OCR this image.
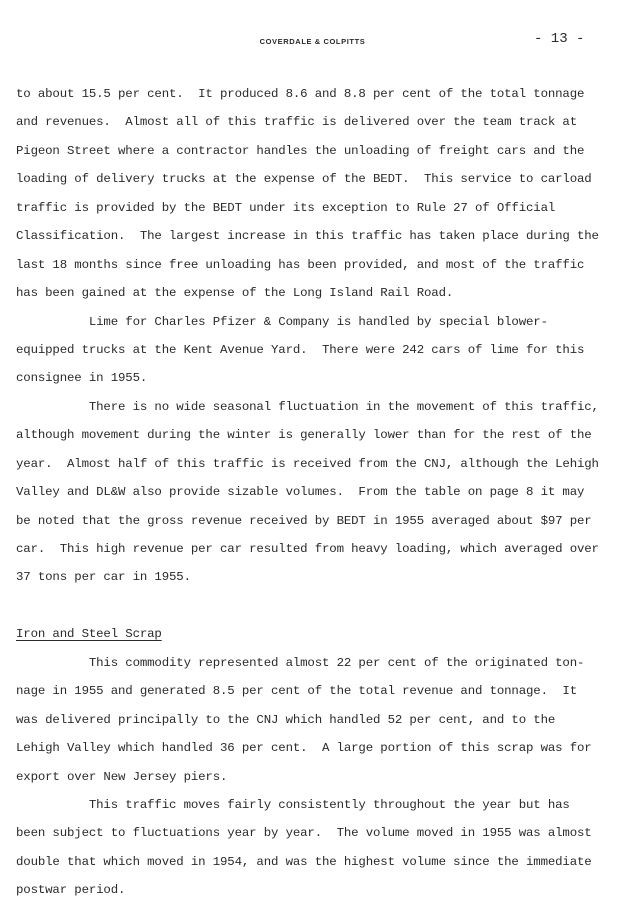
COVERDALE & COLPITTS	- 13 -
to about 15.5 per cent.  It produced 8.6 and 8.8 per cent of the total tonnage
and revenues.  Almost all of this traffic is delivered over the team track at
Pigeon Street where a contractor handles the unloading of freight cars and the
loading of delivery trucks at the expense of the BEDT.  This service to carload
traffic is provided by the BEDT under its exception to Rule 27 of Official
Classification.  The largest increase in this traffic has taken place during the
last 18 months since free unloading has been provided, and most of the traffic
has been gained at the expense of the Long Island Rail Road.
Lime for Charles Pfizer & Company is handled by special blower-
equipped trucks at the Kent Avenue Yard.  There were 242 cars of lime for this
consignee in 1955.
There is no wide seasonal fluctuation in the movement of this traffic,
although movement during the winter is generally lower than for the rest of the
year.  Almost half of this traffic is received from the CNJ, although the Lehigh
Valley and DL&W also provide sizable volumes.  From the table on page 8 it may
be noted that the gross revenue received by BEDT in 1955 averaged about $97 per
car.  This high revenue per car resulted from heavy loading, which averaged over
37 tons per car in 1955.
Iron and Steel Scrap
This commodity represented almost 22 per cent of the originated ton-
nage in 1955 and generated 8.5 per cent of the total revenue and tonnage.  It
was delivered principally to the CNJ which handled 52 per cent, and to the
Lehigh Valley which handled 36 per cent.  A large portion of this scrap was for
export over New Jersey piers.
This traffic moves fairly consistently throughout the year but has
been subject to fluctuations year by year.  The volume moved in 1955 was almost
double that which moved in 1954, and was the highest volume since the immediate
postwar period.
